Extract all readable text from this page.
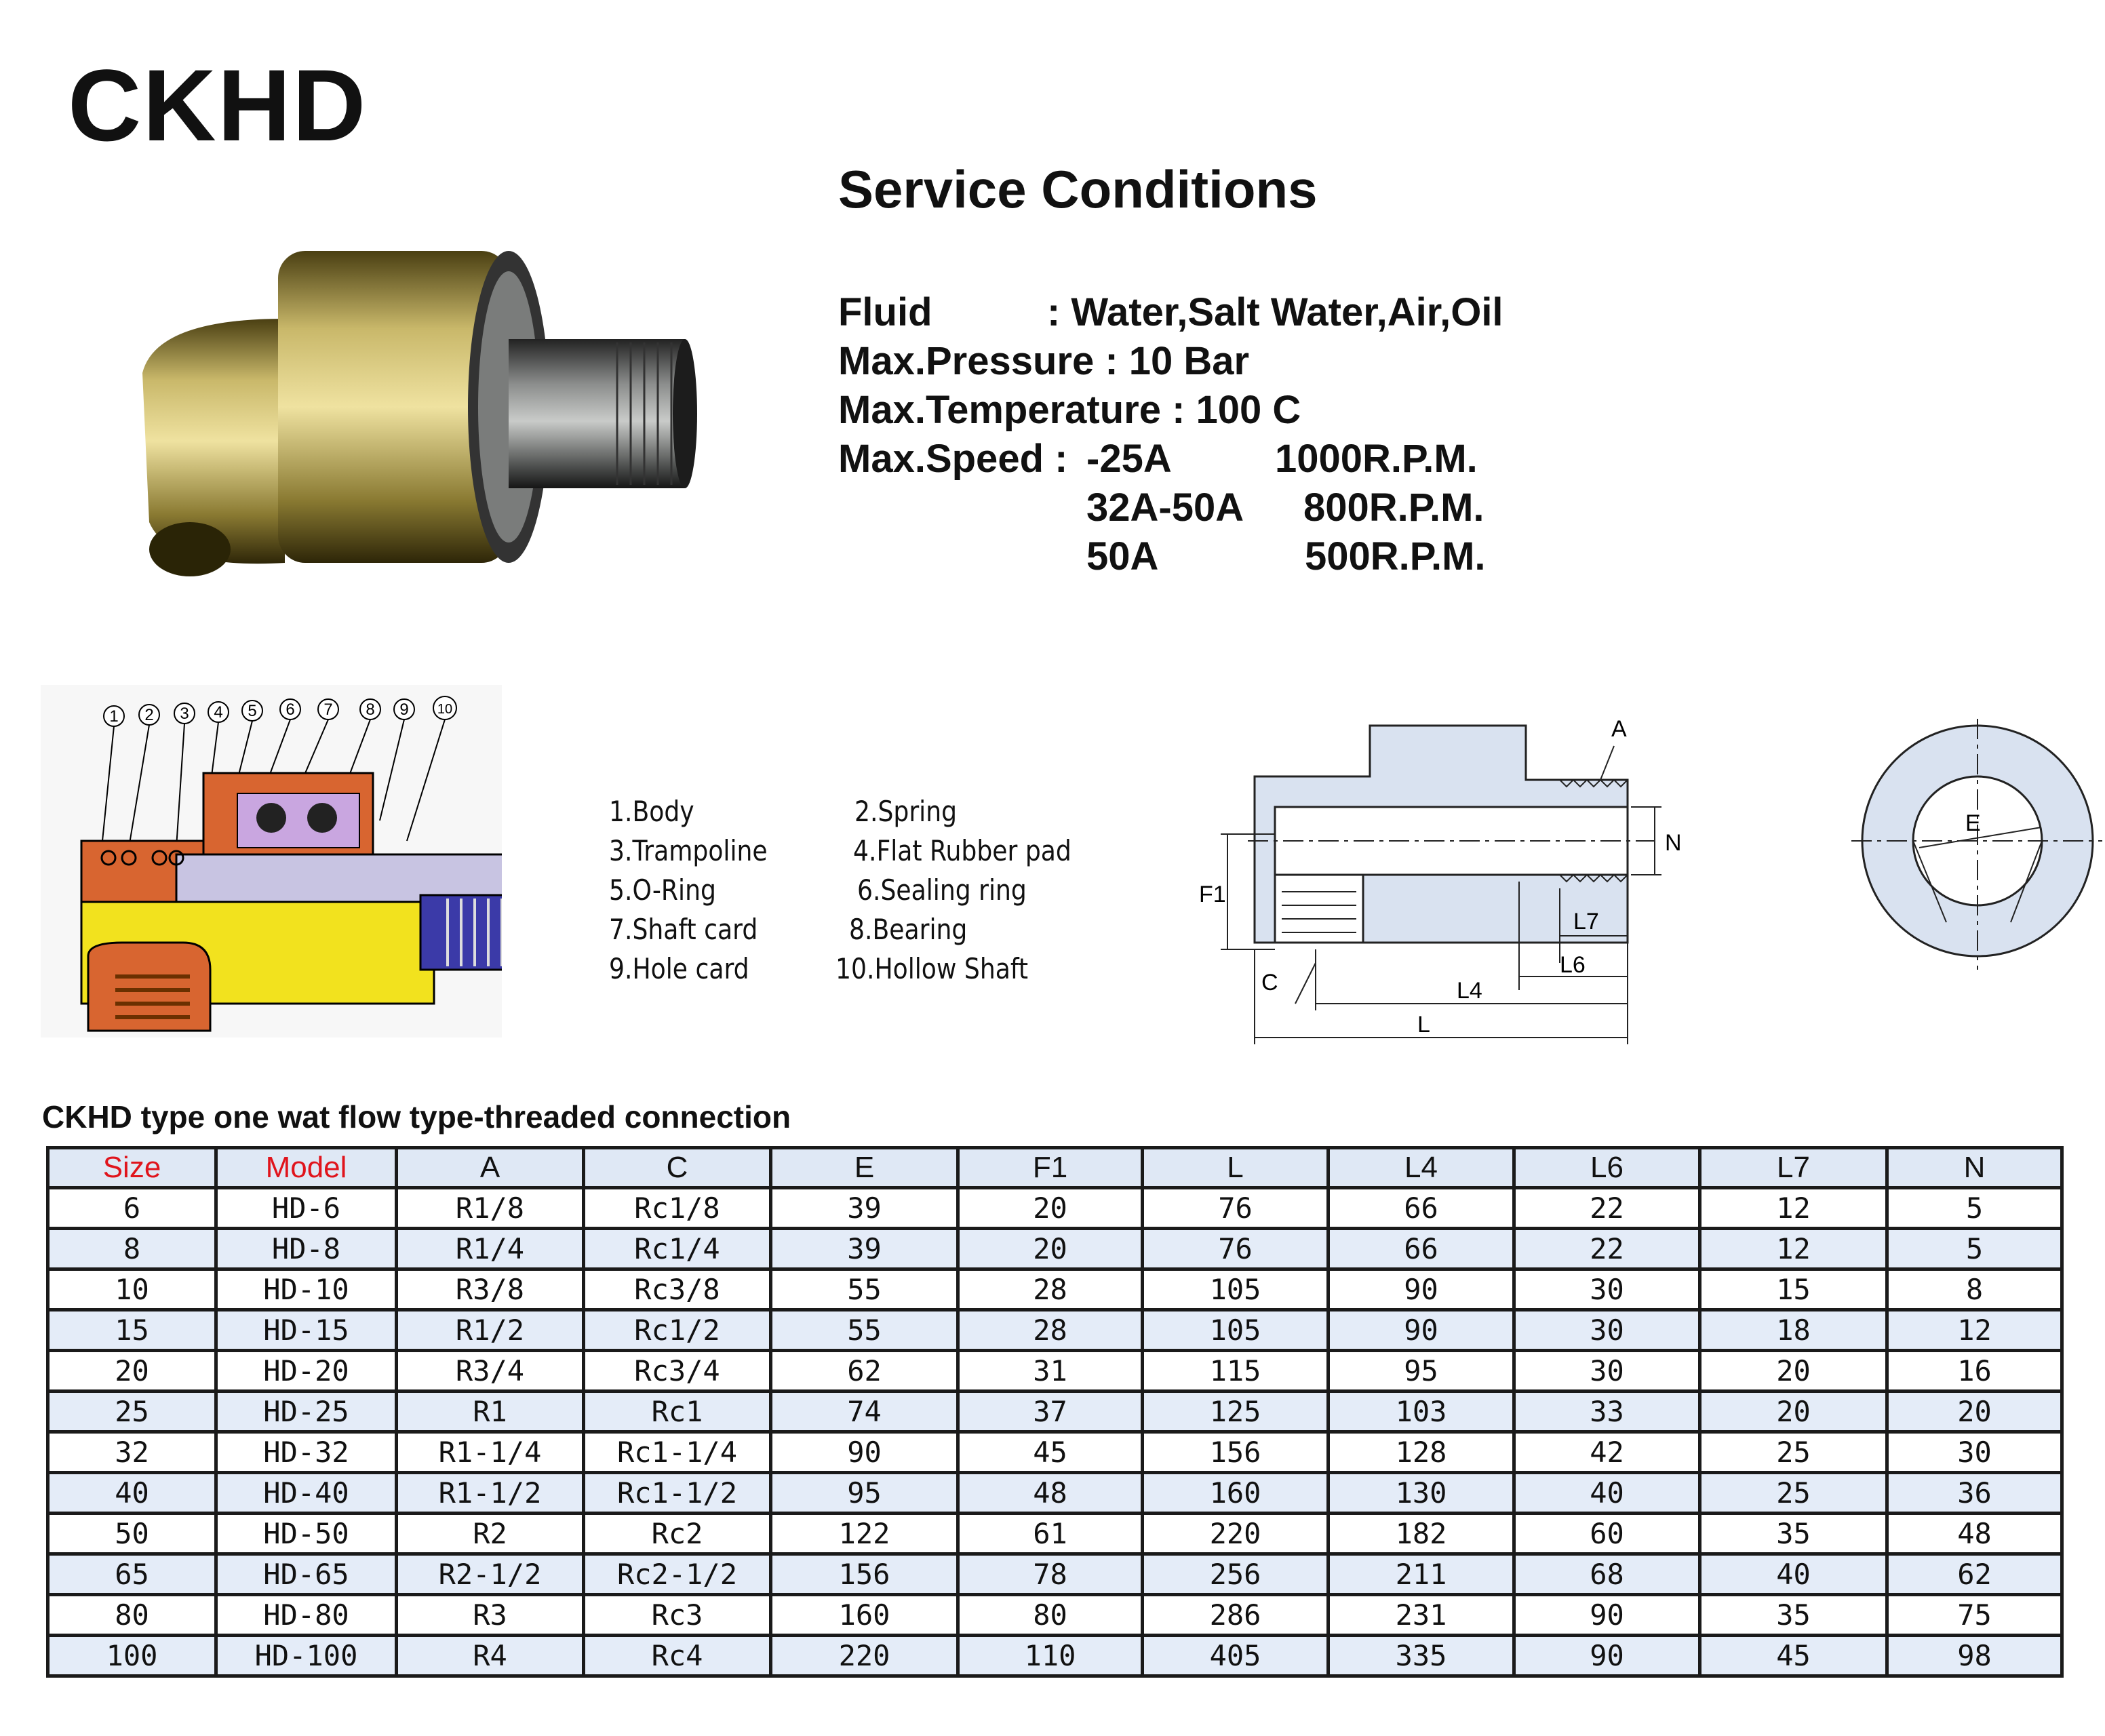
CKHD
Service Conditions
Fluid	: Water,Salt Water,Air,Oil
Max.Pressure : 10 Bar
Max.Temperature : 100 C
Max.Speed : -25A	1000R.P.M.
32A-50A 800R.P.M.
50A	500R.P.M.
1 2 3 4 5 6 7 8 9 10
1.Body	2.Spring
3.Trampoline	4.Flat Rubber pad
5.O-Ring	6.Sealing ring
7.Shaft card	8.Bearing
9.Hole card	10.Hollow Shaft
A
N
F1
L7
L6
C	L4
L
E
CKHD type one wat flow type-threaded connection
Size	Model	A	C	E	F1	L	L4	L6	L7	N
6	HD-6	R1/8	Rc1/8	39	20	76	66	22	12	5
8	HD-8	R1/4	Rc1/4	39	20	76	66	22	12	5
10	HD-10	R3/8	Rc3/8	55	28	105	90	30	15	8
15	HD-15	R1/2	Rc1/2	55	28	105	90	30	18	12
20	HD-20	R3/4	Rc3/4	62	31	115	95	30	20	16
25	HD-25	R1	Rc1	74	37	125	103	33	20	20
32	HD-32	R1-1/4	Rc1-1/4	90	45	156	128	42	25	30
40	HD-40	R1-1/2	Rc1-1/2	95	48	160	130	40	25	36
50	HD-50	R2	Rc2	122	61	220	182	60	35	48
65	HD-65	R2-1/2	Rc2-1/2	156	78	256	211	68	40	62
80	HD-80	R3	Rc3	160	80	286	231	90	35	75
100	HD-100	R4	Rc4	220	110	405	335	90	45	98
